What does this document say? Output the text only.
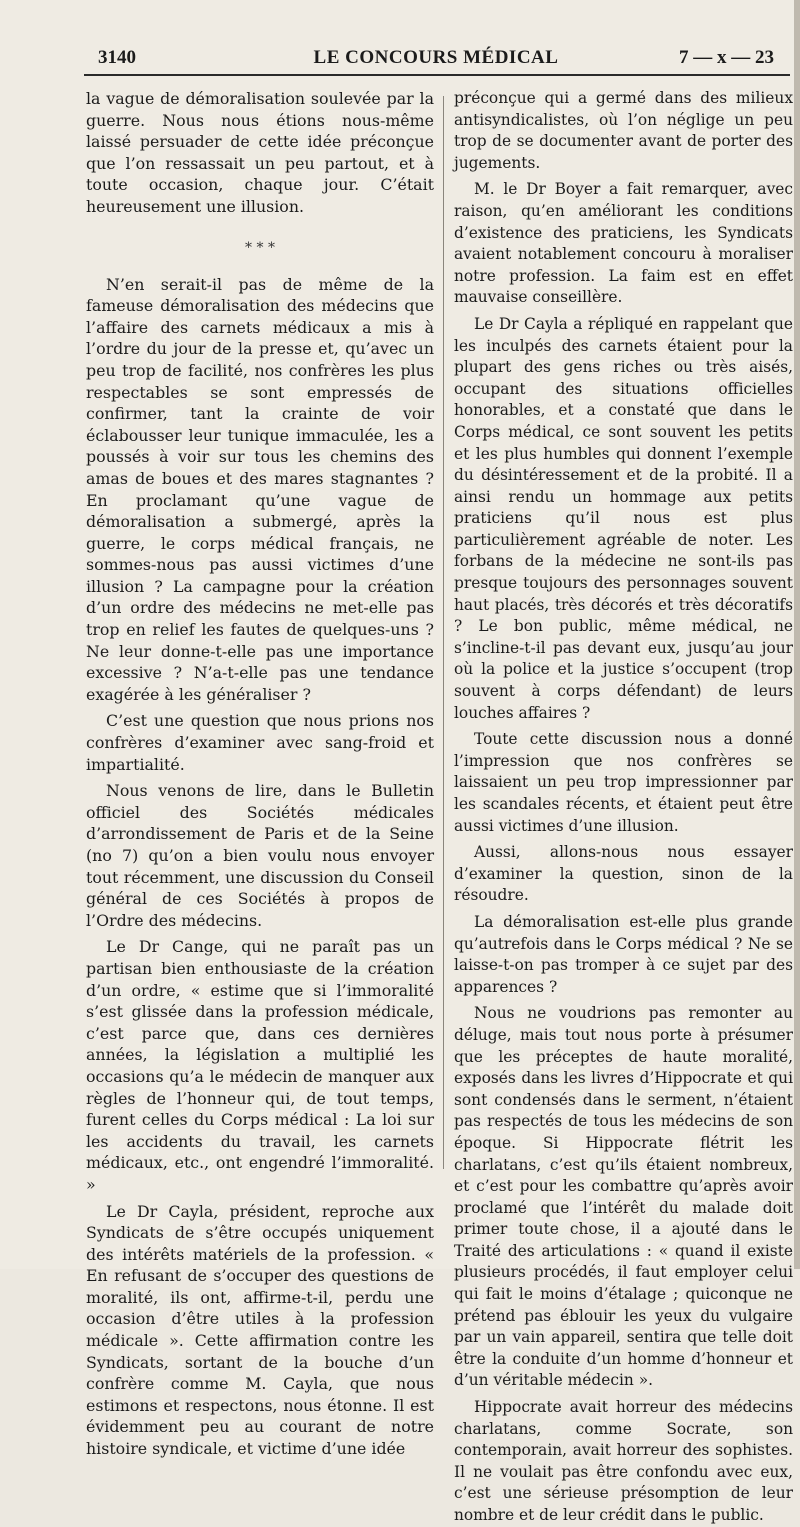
3140	LE CONCOURS MÉDICAL	7 — x — 23

la vague de démoralisation soulevée par la guerre. Nous nous étions nous-même laissé persuader de cette idée préconçue que l’on ressassait un peu partout, et à toute occasion, chaque jour. C’était heureusement une illusion.

* * *

N’en serait-il pas de même de la fameuse démoralisation des médecins que l’affaire des carnets médicaux a mis à l’ordre du jour de la presse et, qu’avec un peu trop de facilité, nos confrères les plus respectables se sont empressés de confirmer, tant la crainte de voir éclabousser leur tunique immaculée, les a poussés à voir sur tous les chemins des amas de boues et des mares stagnantes ? En proclamant qu’une vague de démoralisation a submergé, après la guerre, le corps médical français, ne sommes-nous pas aussi victimes d’une illusion ? La campagne pour la création d’un ordre des médecins ne met-elle pas trop en relief les fautes de quelques-uns ? Ne leur donne-t-elle pas une importance excessive ? N’a-t-elle pas une tendance exagérée à les généraliser ?

C’est une question que nous prions nos confrères d’examiner avec sang-froid et impartialité.

Nous venons de lire, dans le Bulletin officiel des Sociétés médicales d’arrondissement de Paris et de la Seine (no 7) qu’on a bien voulu nous envoyer tout récemment, une discussion du Conseil général de ces Sociétés à propos de l’Ordre des médecins.

Le Dr Cange, qui ne paraît pas un partisan bien enthousiaste de la création d’un ordre, « estime que si l’immoralité s’est glissée dans la profession médicale, c’est parce que, dans ces dernières années, la législation a multiplié les occasions qu’a le médecin de manquer aux règles de l’honneur qui, de tout temps, furent celles du Corps médical : La loi sur les accidents du travail, les carnets médicaux, etc., ont engendré l’immoralité. »

Le Dr Cayla, président, reproche aux Syndicats de s’être occupés uniquement des intérêts matériels de la profession. « En refusant de s’occuper des questions de moralité, ils ont, affirme-t-il, perdu une occasion d’être utiles à la profession médicale ». Cette affirmation contre les Syndicats, sortant de la bouche d’un confrère comme M. Cayla, que nous estimons et respectons, nous étonne. Il est évidemment peu au courant de notre histoire syndicale, et victime d’une idée

préconçue qui a germé dans des milieux antisyndicalistes, où l’on néglige un peu trop de se documenter avant de porter des jugements.

M. le Dr Boyer a fait remarquer, avec raison, qu’en améliorant les conditions d’existence des praticiens, les Syndicats avaient notablement concouru à moraliser notre profession. La faim est en effet mauvaise conseillère.

Le Dr Cayla a répliqué en rappelant que les inculpés des carnets étaient pour la plupart des gens riches ou très aisés, occupant des situations officielles honorables, et a constaté que dans le Corps médical, ce sont souvent les petits et les plus humbles qui donnent l’exemple du désintéressement et de la probité. Il a ainsi rendu un hommage aux petits praticiens qu’il nous est plus particulièrement agréable de noter. Les forbans de la médecine ne sont-ils pas presque toujours des personnages souvent haut placés, très décorés et très décoratifs ? Le bon public, même médical, ne s’incline-t-il pas devant eux, jusqu’au jour où la police et la justice s’occupent (trop souvent à corps défendant) de leurs louches affaires ?

Toute cette discussion nous a donné l’impression que nos confrères se laissaient un peu trop impressionner par les scandales récents, et étaient peut être aussi victimes d’une illusion.

Aussi, allons-nous nous essayer d’examiner la question, sinon de la résoudre.

La démoralisation est-elle plus grande qu’autrefois dans le Corps médical ? Ne se laisse-t-on pas tromper à ce sujet par des apparences ?

Nous ne voudrions pas remonter au déluge, mais tout nous porte à présumer que les préceptes de haute moralité, exposés dans les livres d’Hippocrate et qui sont condensés dans le serment, n’étaient pas respectés de tous les médecins de son époque. Si Hippocrate flétrit les charlatans, c’est qu’ils étaient nombreux, et c’est pour les combattre qu’après avoir proclamé que l’intérêt du malade doit primer toute chose, il a ajouté dans le Traité des articulations : « quand il existe plusieurs procédés, il faut employer celui qui fait le moins d’étalage ; quiconque ne prétend pas éblouir les yeux du vulgaire par un vain appareil, sentira que telle doit être la conduite d’un homme d’honneur et d’un véritable médecin ».

Hippocrate avait horreur des médecins charlatans, comme Socrate, son contemporain, avait horreur des sophistes. Il ne voulait pas être confondu avec eux, c’est une sérieuse présomption de leur nombre et de leur crédit dans le public.
